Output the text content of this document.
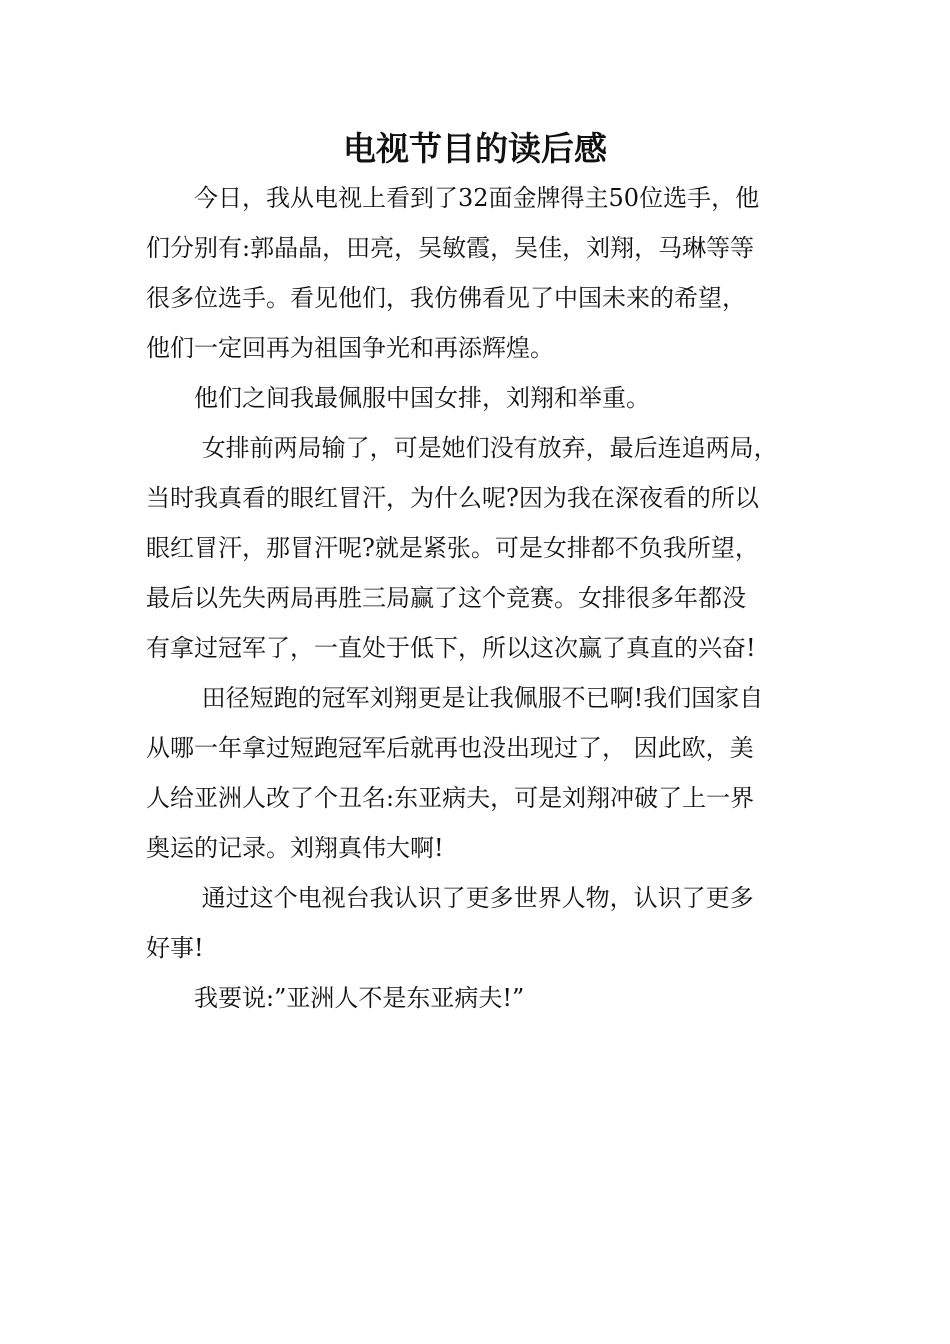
电视节目的读后感

　　今日，我从电视上看到了32面金牌得主50位选手，他

们分别有:郭晶晶，田亮，吴敏霞，吴佳，刘翔，马琳等等

很多位选手。看见他们，我仿佛看见了中国未来的希望，

他们一定回再为祖国争光和再添辉煌。

　　他们之间我最佩服中国女排，刘翔和举重。

　　 女排前两局输了，可是她们没有放弃，最后连追两局，

当时我真看的眼红冒汗，为什么呢?因为我在深夜看的所以

眼红冒汗，那冒汗呢?就是紧张。可是女排都不负我所望，

最后以先失两局再胜三局赢了这个竞赛。女排很多年都没

有拿过冠军了，一直处于低下，所以这次赢了真直的兴奋!

　　 田径短跑的冠军刘翔更是让我佩服不已啊!我们国家自

从哪一年拿过短跑冠军后就再也没出现过了， 因此欧，美

人给亚洲人改了个丑名:东亚病夫，可是刘翔冲破了上一界

奥运的记录。刘翔真伟大啊!

　　 通过这个电视台我认识了更多世界人物，认识了更多

好事!

　　我要说:”亚洲人不是东亚病夫!”
